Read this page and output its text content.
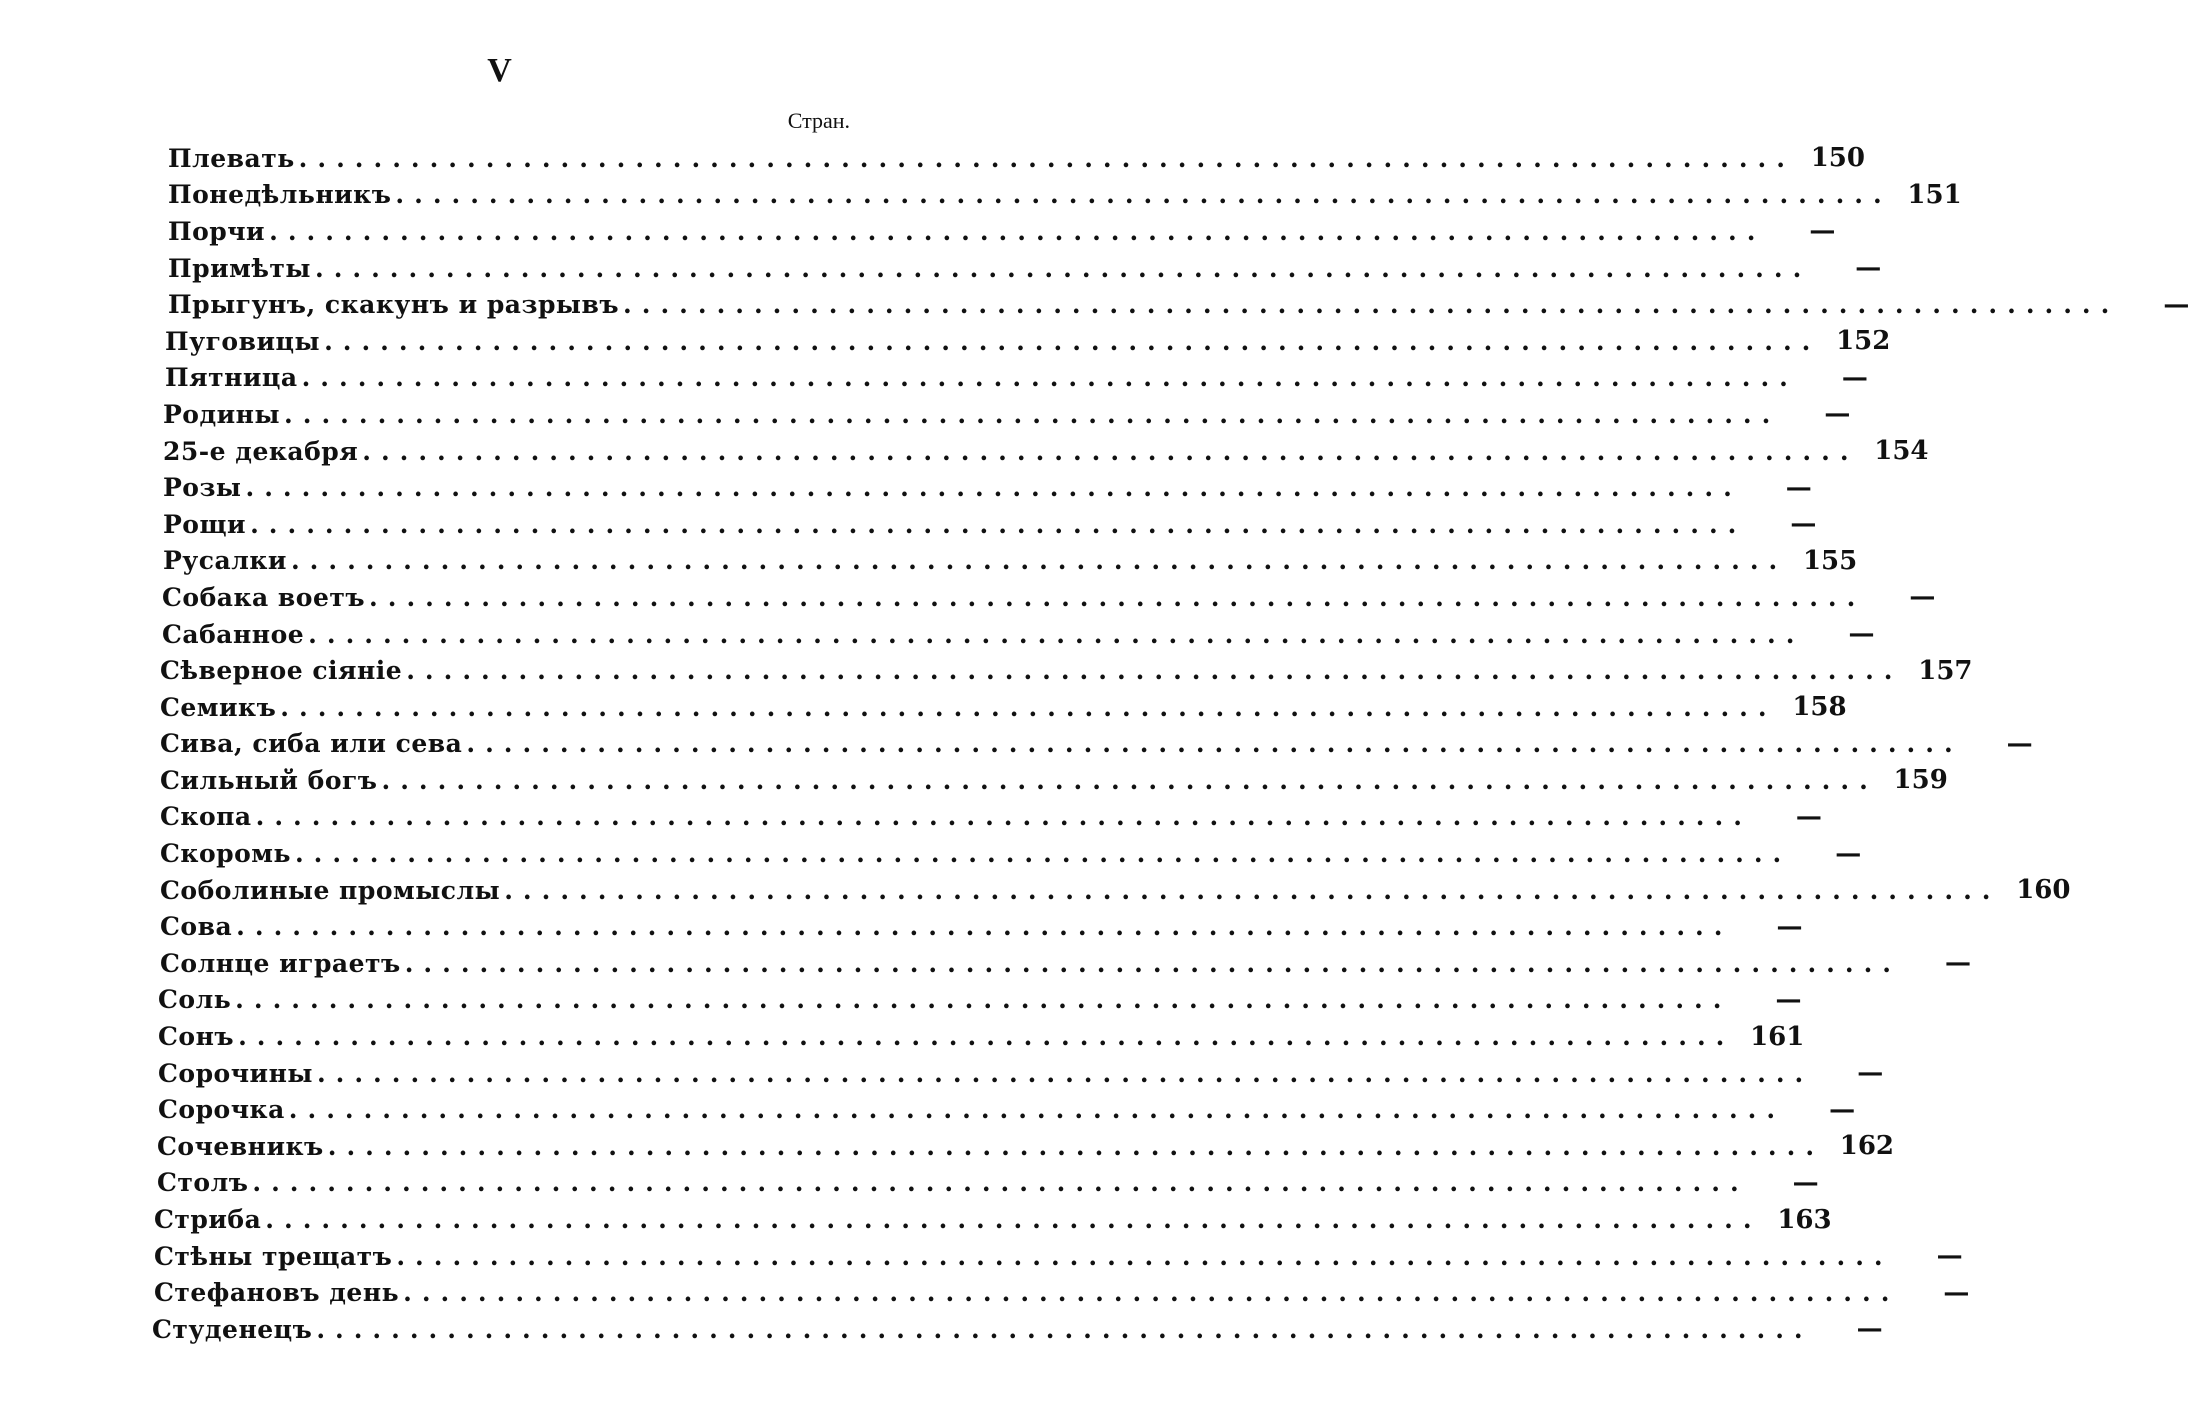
V
Стран.
Плевать ................................................................................ 150
Понедѣльникъ ................................................................................ 151
Порчи ................................................................................	—
Примѣты ................................................................................	—
Прыгунъ, скакунъ и разрывъ ................................................................................	—
Пуговицы ................................................................................ 152
Пятница ................................................................................	—
Родины ................................................................................	—
25-е декабря ................................................................................ 154
Розы ................................................................................	—
Рощи ................................................................................	—
Русалки ................................................................................ 155
Собака воетъ ................................................................................	—
Сабанное ................................................................................	—
Сѣверное сіяніе ................................................................................ 157
Семикъ ................................................................................ 158
Сива, сиба или сева ................................................................................	—
Сильный богъ ................................................................................ 159
Скопа ................................................................................	—
Скоромь ................................................................................	—
Соболиные промыслы ................................................................................ 160
Сова ................................................................................	—
Солнце играетъ ................................................................................	—
Соль ................................................................................	—
Сонъ ................................................................................ 161
Сорочины ................................................................................	—
Сорочка ................................................................................	—
Сочевникъ ................................................................................ 162
Столъ ................................................................................	—
Стриба ................................................................................ 163
Стѣны трещатъ ................................................................................	—
Стефановъ день ................................................................................	—
Студенецъ ................................................................................	—
